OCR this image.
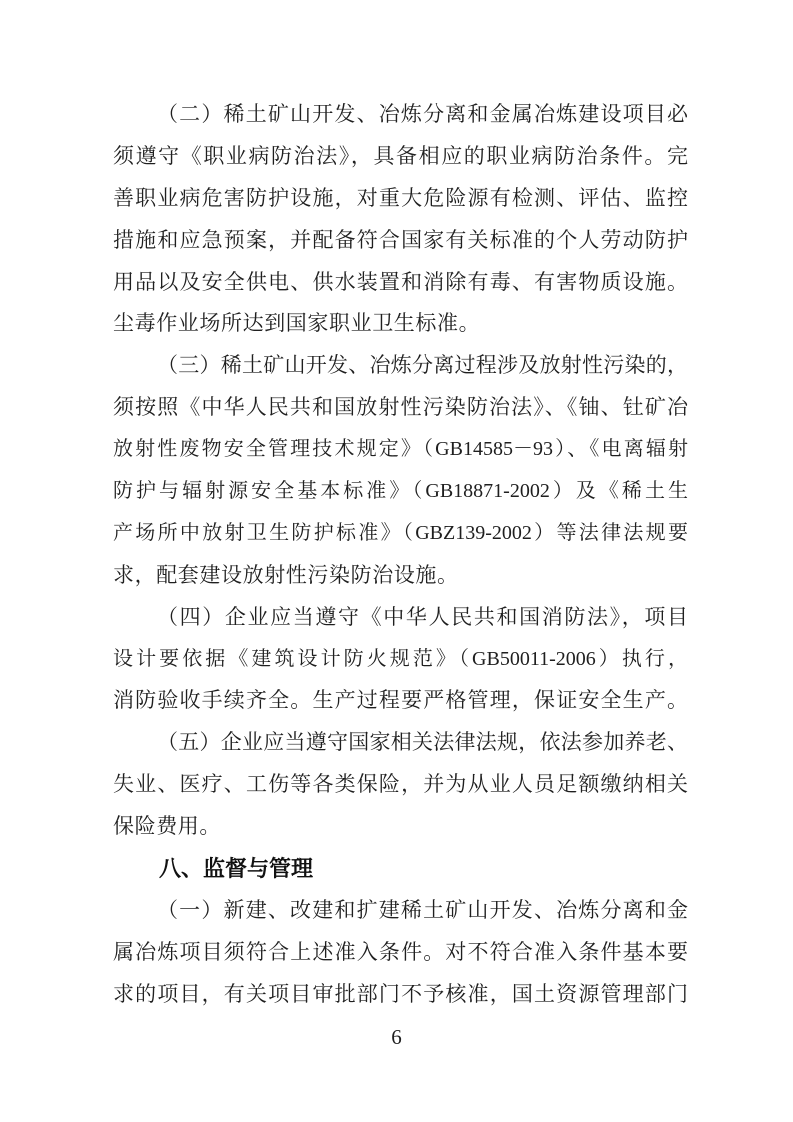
（二）稀土矿山开发、冶炼分离和金属冶炼建设项目必
须遵守《职业病防治法》，具备相应的职业病防治条件。完
善职业病危害防护设施，对重大危险源有检测、评估、监控
措施和应急预案，并配备符合国家有关标准的个人劳动防护
用品以及安全供电、供水装置和消除有毒、有害物质设施。
尘毒作业场所达到国家职业卫生标准。
（三）稀土矿山开发、冶炼分离过程涉及放射性污染的，
须按照《中华人民共和国放射性污染防治法》、《铀、钍矿冶
放射性废物安全管理技术规定》（GB14585－93）、《电离辐射
防护与辐射源安全基本标准》（GB18871-2002）及《稀土生
产场所中放射卫生防护标准》（GBZ139-2002）等法律法规要
求，配套建设放射性污染防治设施。
（四）企业应当遵守《中华人民共和国消防法》，项目
设计要依据《建筑设计防火规范》（GB50011-2006）执行，
消防验收手续齐全。生产过程要严格管理，保证安全生产。
（五）企业应当遵守国家相关法律法规，依法参加养老、
失业、医疗、工伤等各类保险，并为从业人员足额缴纳相关
保险费用。
八、监督与管理
（一）新建、改建和扩建稀土矿山开发、冶炼分离和金
属冶炼项目须符合上述准入条件。对不符合准入条件基本要
求的项目，有关项目审批部门不予核准，国土资源管理部门
6
